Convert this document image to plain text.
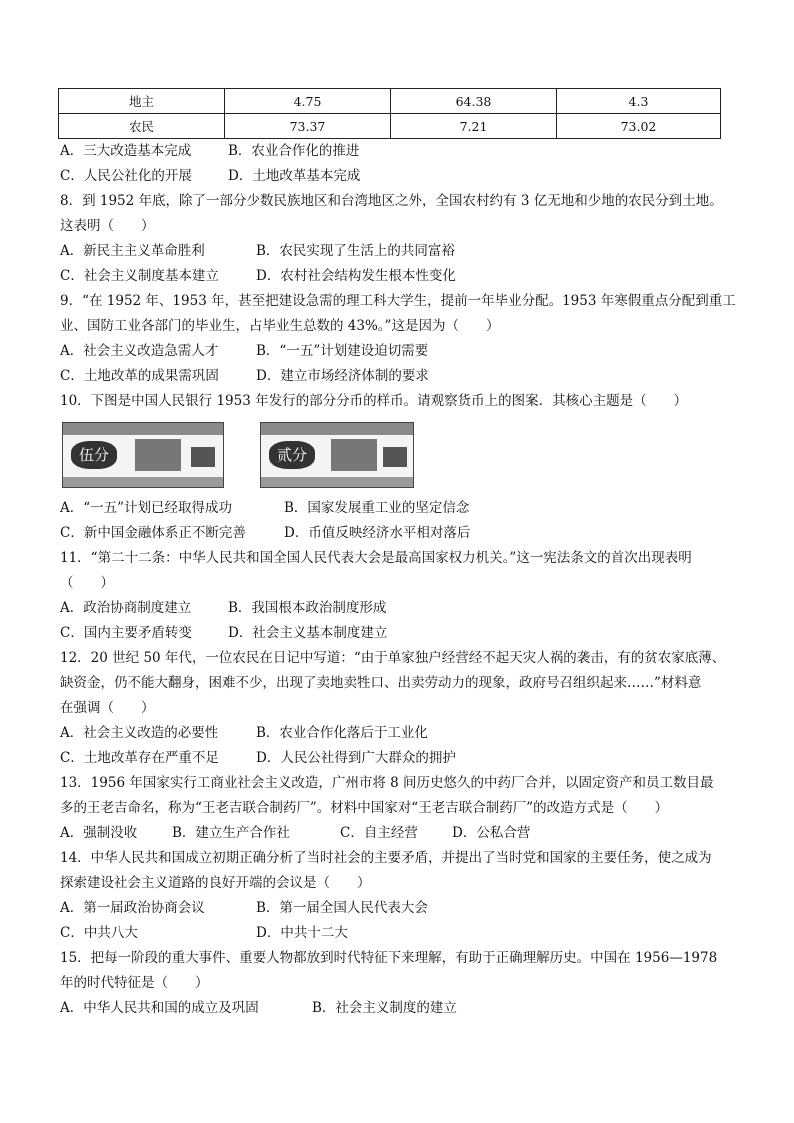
地主	4.75	64.38	4.3
农民	73.37	7.21	73.02
A．三大改造基本完成	B．农业合作化的推进
C．人民公社化的开展	D．土地改革基本完成
8．到 1952 年底，除了一部分少数民族地区和台湾地区之外，全国农村约有 3 亿无地和少地的农民分到土地。
这表明（　　）
A．新民主主义革命胜利	B．农民实现了生活上的共同富裕
C．社会主义制度基本建立	D．农村社会结构发生根本性变化
9．“在 1952 年、1953 年，甚至把建设急需的理工科大学生，提前一年毕业分配。1953 年寒假重点分配到重工
业、国防工业各部门的毕业生，占毕业生总数的 43%。”这是因为（　　）
A．社会主义改造急需人才	B．“一五”计划建设迫切需要
C．土地改革的成果需巩固	D．建立市场经济体制的要求
10．下图是中国人民银行 1953 年发行的部分分币的样币。请观察货币上的图案．其核心主题是（　　）
伍分	贰分
A．“一五”计划已经取得成功	B．国家发展重工业的坚定信念
C．新中国金融体系正不断完善	D．币值反映经济水平相对落后
11．“第二十二条：中华人民共和国全国人民代表大会是最高国家权力机关。”这一宪法条文的首次出现表明
（　　）
A．政治协商制度建立	B．我国根本政治制度形成
C．国内主要矛盾转变	D．社会主义基本制度建立
12．20 世纪 50 年代，一位农民在日记中写道：“由于单家独户经营经不起天灾人祸的袭击，有的贫农家底薄、
缺资金，仍不能大翻身，困难不少，出现了卖地卖牲口、出卖劳动力的现象，政府号召组织起来……”材料意
在强调（　　）
A．社会主义改造的必要性	B．农业合作化落后于工业化
C．土地改革存在严重不足	D．人民公社得到广大群众的拥护
13．1956 年国家实行工商业社会主义改造，广州市将 8 间历史悠久的中药厂合并，以固定资产和员工数目最
多的王老吉命名，称为“王老吉联合制药厂”。材料中国家对“王老吉联合制药厂”的改造方式是（　　）
A．强制没收	B．建立生产合作社	C．自主经营	D．公私合营
14．中华人民共和国成立初期正确分析了当时社会的主要矛盾，并提出了当时党和国家的主要任务，使之成为
探索建设社会主义道路的良好开端的会议是（　　）
A．第一届政治协商会议	B．第一届全国人民代表大会
C．中共八大	D．中共十二大
15．把每一阶段的重大事件、重要人物都放到时代特征下来理解，有助于正确理解历史。中国在 1956—1978
年的时代特征是（　　）
A．中华人民共和国的成立及巩固	B．社会主义制度的建立
